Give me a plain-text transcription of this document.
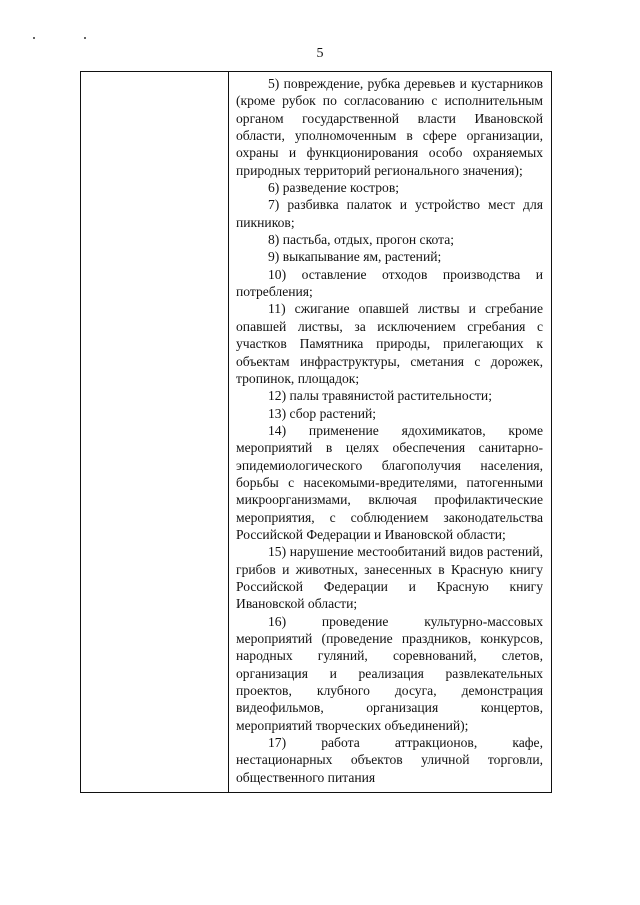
5

5) повреждение, рубка деревьев и кустарников (кроме рубок по согласованию с исполнительным органом государственной власти Ивановской области, уполномоченным в сфере организации, охраны и функционирования особо охраняемых природных территорий регионального значения);

6) разведение костров;

7) разбивка палаток и устройство мест для пикников;

8) пастьба, отдых, прогон скота;

9) выкапывание ям, растений;

10) оставление отходов производства и потребления;

11) сжигание опавшей листвы и сгребание опавшей листвы, за исключением сгребания с участков Памятника природы, прилегающих к объектам инфраструктуры, сметания с дорожек, тропинок, площадок;

12) палы травянистой растительности;

13) сбор растений;

14) применение ядохимикатов, кроме мероприятий в целях обеспечения санитарно-эпидемиологического благополучия населения, борьбы с насекомыми-вредителями, патогенными микроорганизмами, включая профилактические мероприятия, с соблюдением законодательства Российской Федерации и Ивановской области;

15) нарушение местообитаний видов растений, грибов и животных, занесенных в Красную книгу Российской Федерации и Красную книгу Ивановской области;

16) проведение культурно-массовых мероприятий (проведение праздников, конкурсов, народных гуляний, соревнований, слетов, организация и реализация развлекательных проектов, клубного досуга, демонстрация видеофильмов, организация концертов, мероприятий творческих объединений);

17) работа аттракционов, кафе, нестационарных объектов уличной торговли, общественного питания
